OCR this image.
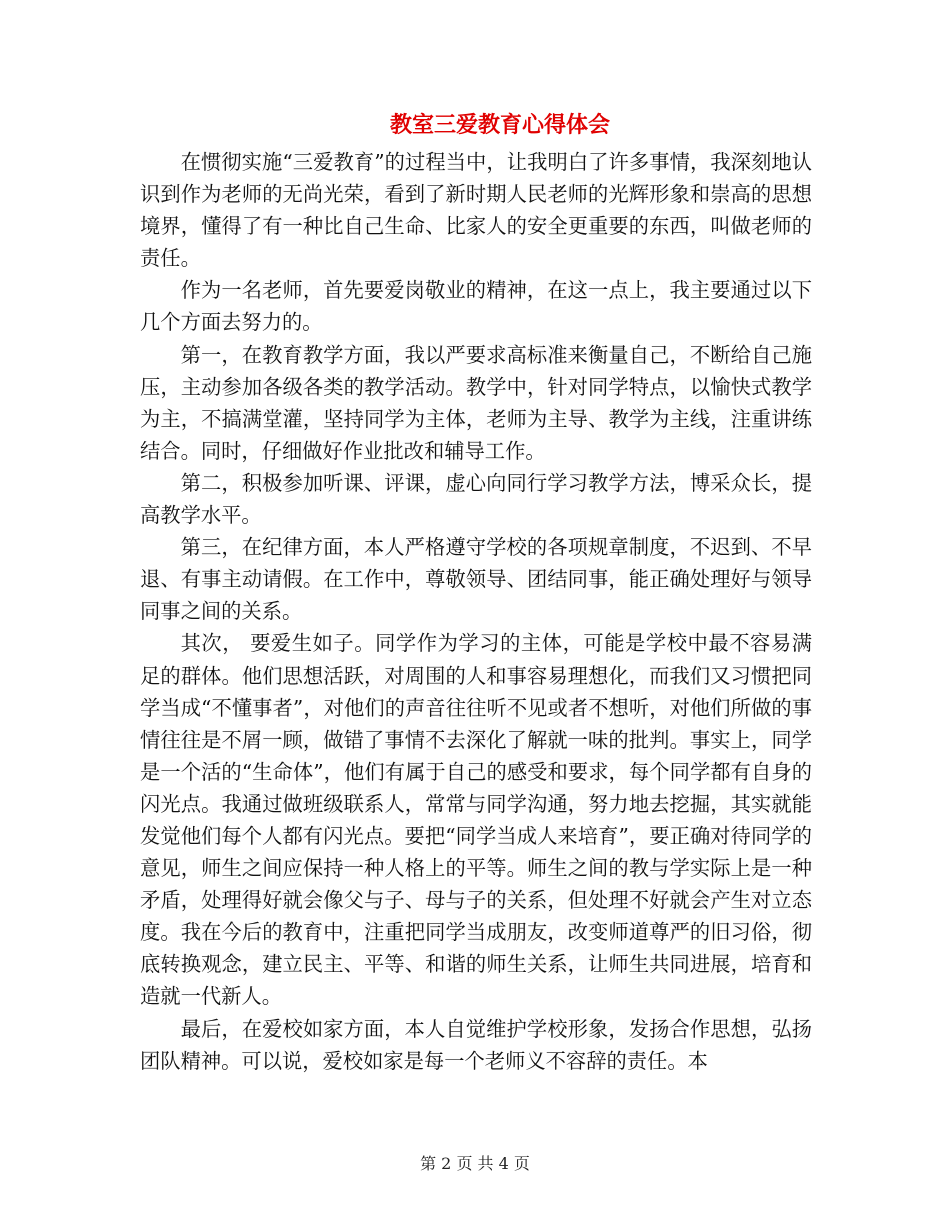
教室三爱教育心得体会

在惯彻实施“三爱教育”的过程当中，让我明白了许多事情，我深刻地认识到作为老师的无尚光荣，看到了新时期人民老师的光辉形象和崇高的思想境界，懂得了有一种比自己生命、比家人的安全更重要的东西，叫做老师的责任。

作为一名老师，首先要爱岗敬业的精神，在这一点上，我主要通过以下几个方面去努力的。

第一，在教育教学方面，我以严要求高标准来衡量自己，不断给自己施压，主动参加各级各类的教学活动。教学中，针对同学特点，以愉快式教学为主，不搞满堂灌，坚持同学为主体，老师为主导、教学为主线，注重讲练结合。同时，仔细做好作业批改和辅导工作。

第二，积极参加听课、评课，虚心向同行学习教学方法，博采众长，提高教学水平。

第三，在纪律方面，本人严格遵守学校的各项规章制度，不迟到、不早退、有事主动请假。在工作中，尊敬领导、团结同事，能正确处理好与领导同事之间的关系。

其次， 要爱生如子。同学作为学习的主体，可能是学校中最不容易满足的群体。他们思想活跃，对周围的人和事容易理想化，而我们又习惯把同学当成“不懂事者”，对他们的声音往往听不见或者不想听，对他们所做的事情往往是不屑一顾，做错了事情不去深化了解就一味的批判。事实上，同学是一个活的“生命体”，他们有属于自己的感受和要求，每个同学都有自身的闪光点。我通过做班级联系人，常常与同学沟通，努力地去挖掘，其实就能发觉他们每个人都有闪光点。要把“同学当成人来培育”，要正确对待同学的意见，师生之间应保持一种人格上的平等。师生之间的教与学实际上是一种矛盾，处理得好就会像父与子、母与子的关系，但处理不好就会产生对立态度。我在今后的教育中，注重把同学当成朋友，改变师道尊严的旧习俗，彻底转换观念，建立民主、平等、和谐的师生关系，让师生共同进展，培育和造就一代新人。

最后，在爱校如家方面，本人自觉维护学校形象，发扬合作思想，弘扬团队精神。可以说，爱校如家是每一个老师义不容辞的责任。本

第 2 页 共 4 页
